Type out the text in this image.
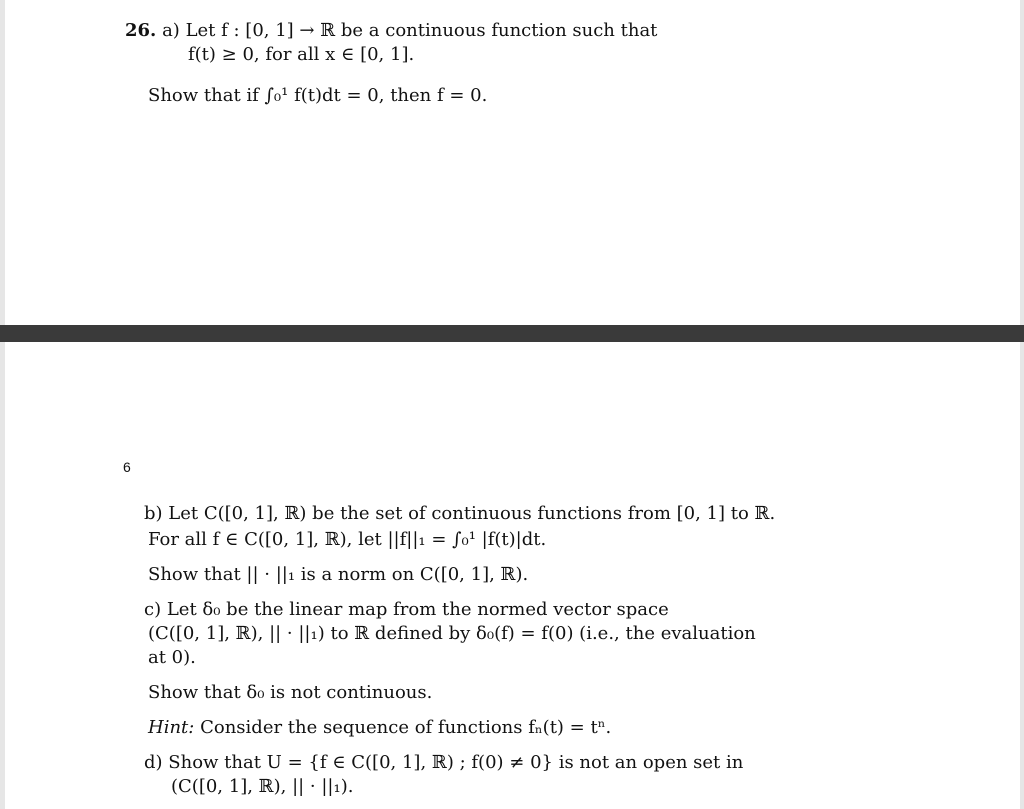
26. a) Let f : [0, 1] → ℝ be a continuous function such that
f(t) ≥ 0, for all x ∈ [0, 1].
Show that if ∫₀¹ f(t)dt = 0, then f = 0.
6
b) Let C([0, 1], ℝ) be the set of continuous functions from [0, 1] to ℝ.
For all f ∈ C([0, 1], ℝ), let ||f||₁ = ∫₀¹ |f(t)|dt.
Show that || · ||₁ is a norm on C([0, 1], ℝ).
c) Let δ₀ be the linear map from the normed vector space
(C([0, 1], ℝ), || · ||₁) to ℝ defined by δ₀(f) = f(0) (i.e., the evaluation
at 0).
Show that δ₀ is not continuous.
Hint: Consider the sequence of functions fₙ(t) = tⁿ.
d) Show that U = {f ∈ C([0, 1], ℝ) ; f(0) ≠ 0} is not an open set in
(C([0, 1], ℝ), || · ||₁).
